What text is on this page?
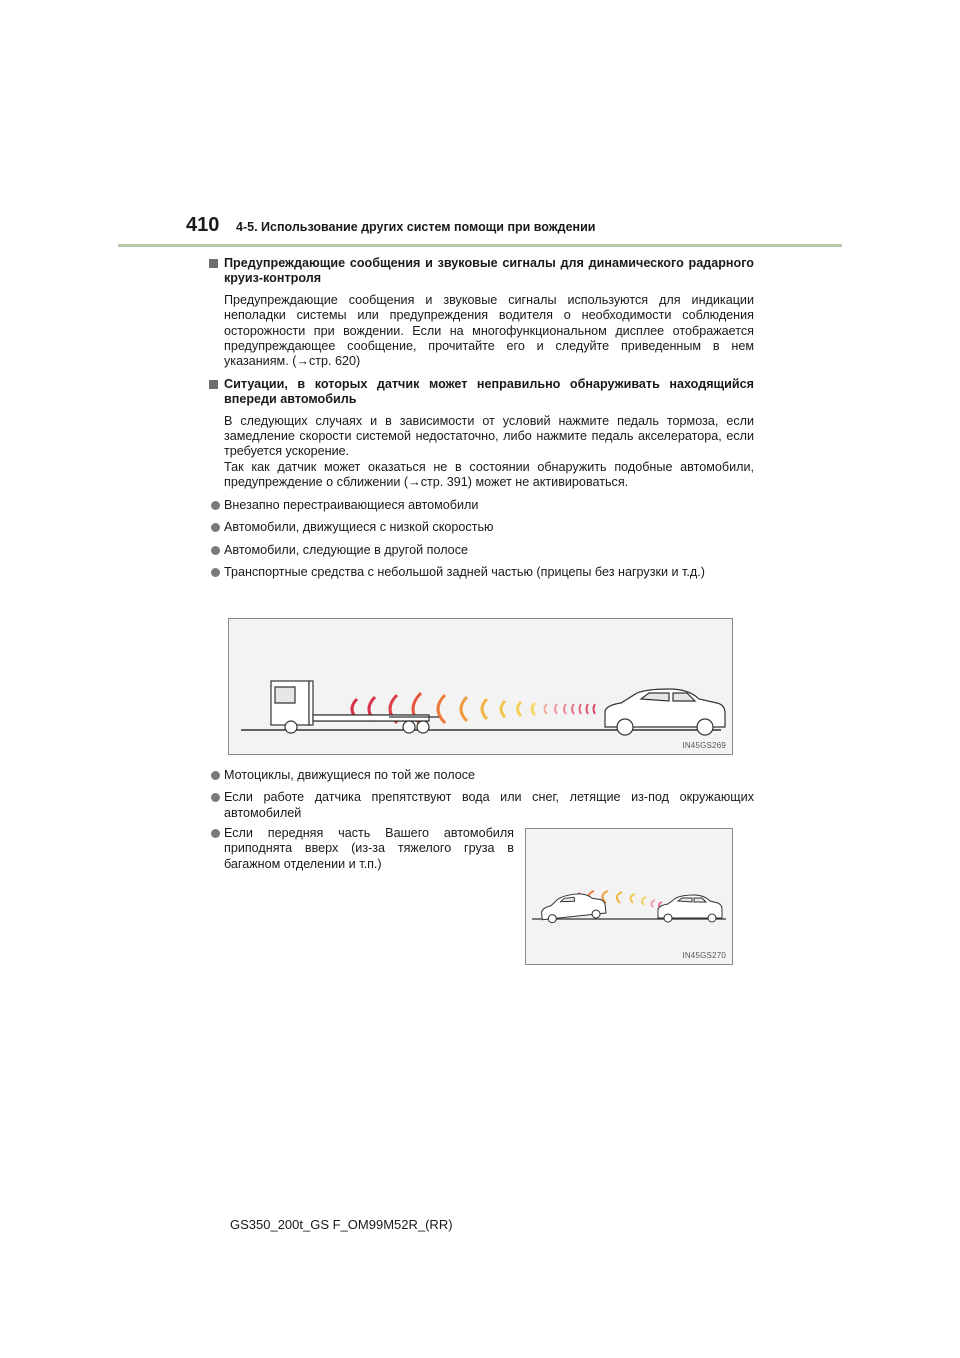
410 4-5. Использование других систем помощи при вождении
Предупреждающие сообщения и звуковые сигналы для динамического радарного круиз-контроля
Предупреждающие сообщения и звуковые сигналы используются для индикации неполадки системы или предупреждения водителя о необходимости соблюдения осторожности при вождении. Если на многофункциональном дисплее отображается предупреждающее сообщение, прочитайте его и следуйте приведенным в нем указаниям. (→стр. 620)
Ситуации, в которых датчик может неправильно обнаруживать находящийся впереди автомобиль
В следующих случаях и в зависимости от условий нажмите педаль тормоза, если замедление скорости системой недостаточно, либо нажмите педаль акселератора, если требуется ускорение.
Так как датчик может оказаться не в состоянии обнаружить подобные автомобили, предупреждение о сближении (→стр. 391) может не активироваться.
Внезапно перестраивающиеся автомобили
Автомобили, движущиеся с низкой скоростью
Автомобили, следующие в другой полосе
Транспортные средства с небольшой задней частью (прицепы без нагрузки и т.д.)
IN45GS269
Мотоциклы, движущиеся по той же полосе
Если работе датчика препятствуют вода или снег, летящие из-под окружающих автомобилей
Если передняя часть Вашего автомобиля приподнята вверх (из-за тяжелого груза в багажном отделении и т.п.)
IN45GS270
GS350_200t_GS F_OM99M52R_(RR)
